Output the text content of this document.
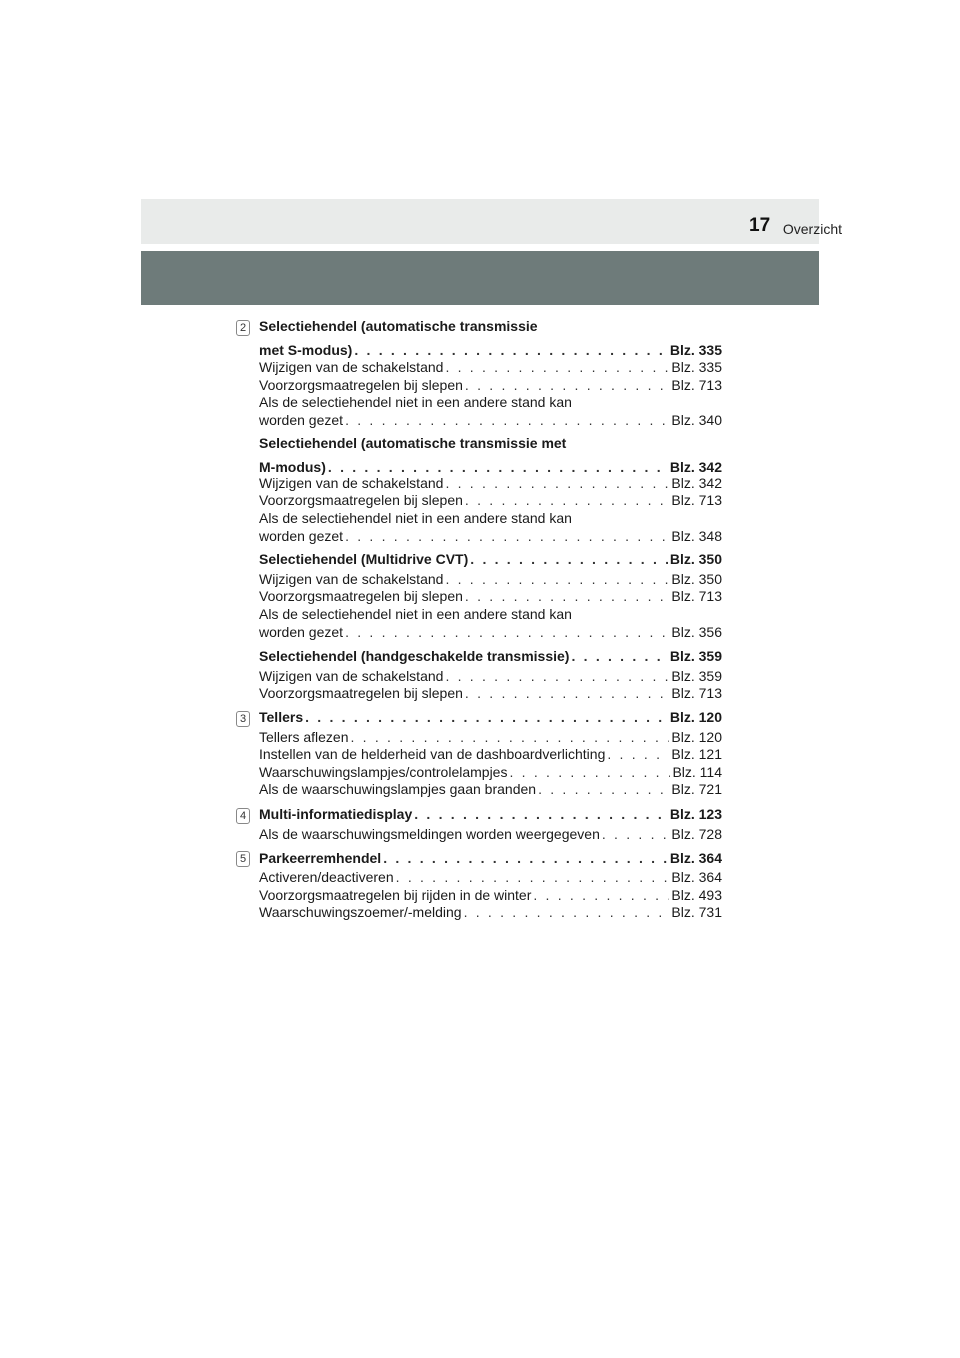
Overzicht
17
2
3
4
5
Selectiehendel (automatische transmissie
met S-modus) . . .	Blz. 335
Wijzigen van de schakelstand . . .	Blz. 335
Voorzorgsmaatregelen bij slepen . . .	Blz. 713
Als de selectiehendel niet in een andere stand kan
worden gezet . . .	Blz. 340
Selectiehendel (automatische transmissie met
M-modus) . . .	Blz. 342
Wijzigen van de schakelstand . . .	Blz. 342
Voorzorgsmaatregelen bij slepen . . .	Blz. 713
Als de selectiehendel niet in een andere stand kan
worden gezet . . .	Blz. 348
Selectiehendel (Multidrive CVT) . . .	Blz. 350
Wijzigen van de schakelstand . . .	Blz. 350
Voorzorgsmaatregelen bij slepen . . .	Blz. 713
Als de selectiehendel niet in een andere stand kan
worden gezet . . .	Blz. 356
Selectiehendel (handgeschakelde transmissie) . . .	Blz. 359
Wijzigen van de schakelstand . . .	Blz. 359
Voorzorgsmaatregelen bij slepen . . .	Blz. 713
Tellers . . .	Blz. 120
Tellers aflezen . . .	Blz. 120
Instellen van de helderheid van de dashboardverlichting . . .	Blz. 121
Waarschuwingslampjes/controlelampjes . . .	Blz. 114
Als de waarschuwingslampjes gaan branden . . .	Blz. 721
Multi-informatiedisplay . . .	Blz. 123
Als de waarschuwingsmeldingen worden weergegeven . . .	Blz. 728
Parkeerremhendel . . .	Blz. 364
Activeren/deactiveren . . .	Blz. 364
Voorzorgsmaatregelen bij rijden in de winter . . .	Blz. 493
Waarschuwingszoemer/-melding . . .	Blz. 731
